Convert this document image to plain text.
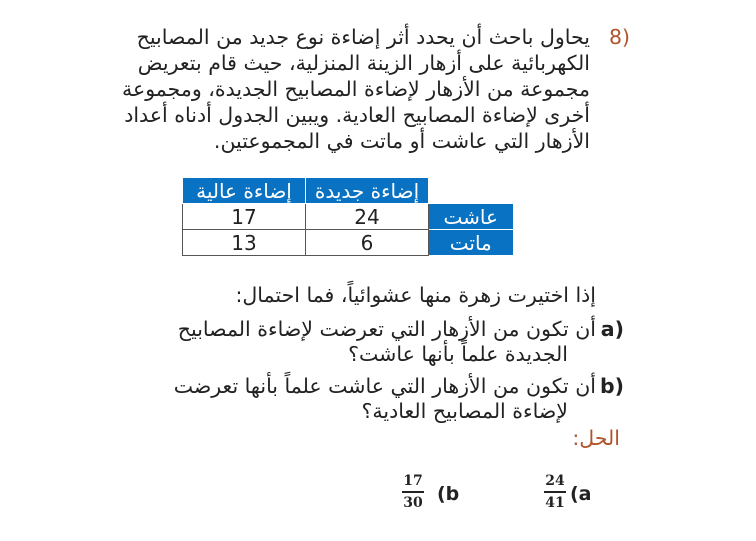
8)
يحاول باحث أن يحدد أثر إضاءة نوع جديد من المصابيح
الكهربائية على أزهار الزينة المنزلية، حيث قام بتعريض
مجموعة من الأزهار لإضاءة المصابيح الجديدة، ومجموعة
أخرى لإضاءة المصابيح العادية. ويبين الجدول أدناه أعداد
الأزهار التي عاشت أو ماتت في المجموعتين.
إضاءة عالية	إضاءة جديدة	
17	24	عاشت
13	6	ماتت
إذا اختيرت زهرة منها عشوائياً، فما احتمال:
a)
أن تكون من الأزهار التي تعرضت لإضاءة المصابيح
الجديدة علماً بأنها عاشت؟
b)
أن تكون من الأزهار التي عاشت علماً بأنها تعرضت
لإضاءة المصابيح العادية؟
الحل:
17
30 (b
24
41 (a
